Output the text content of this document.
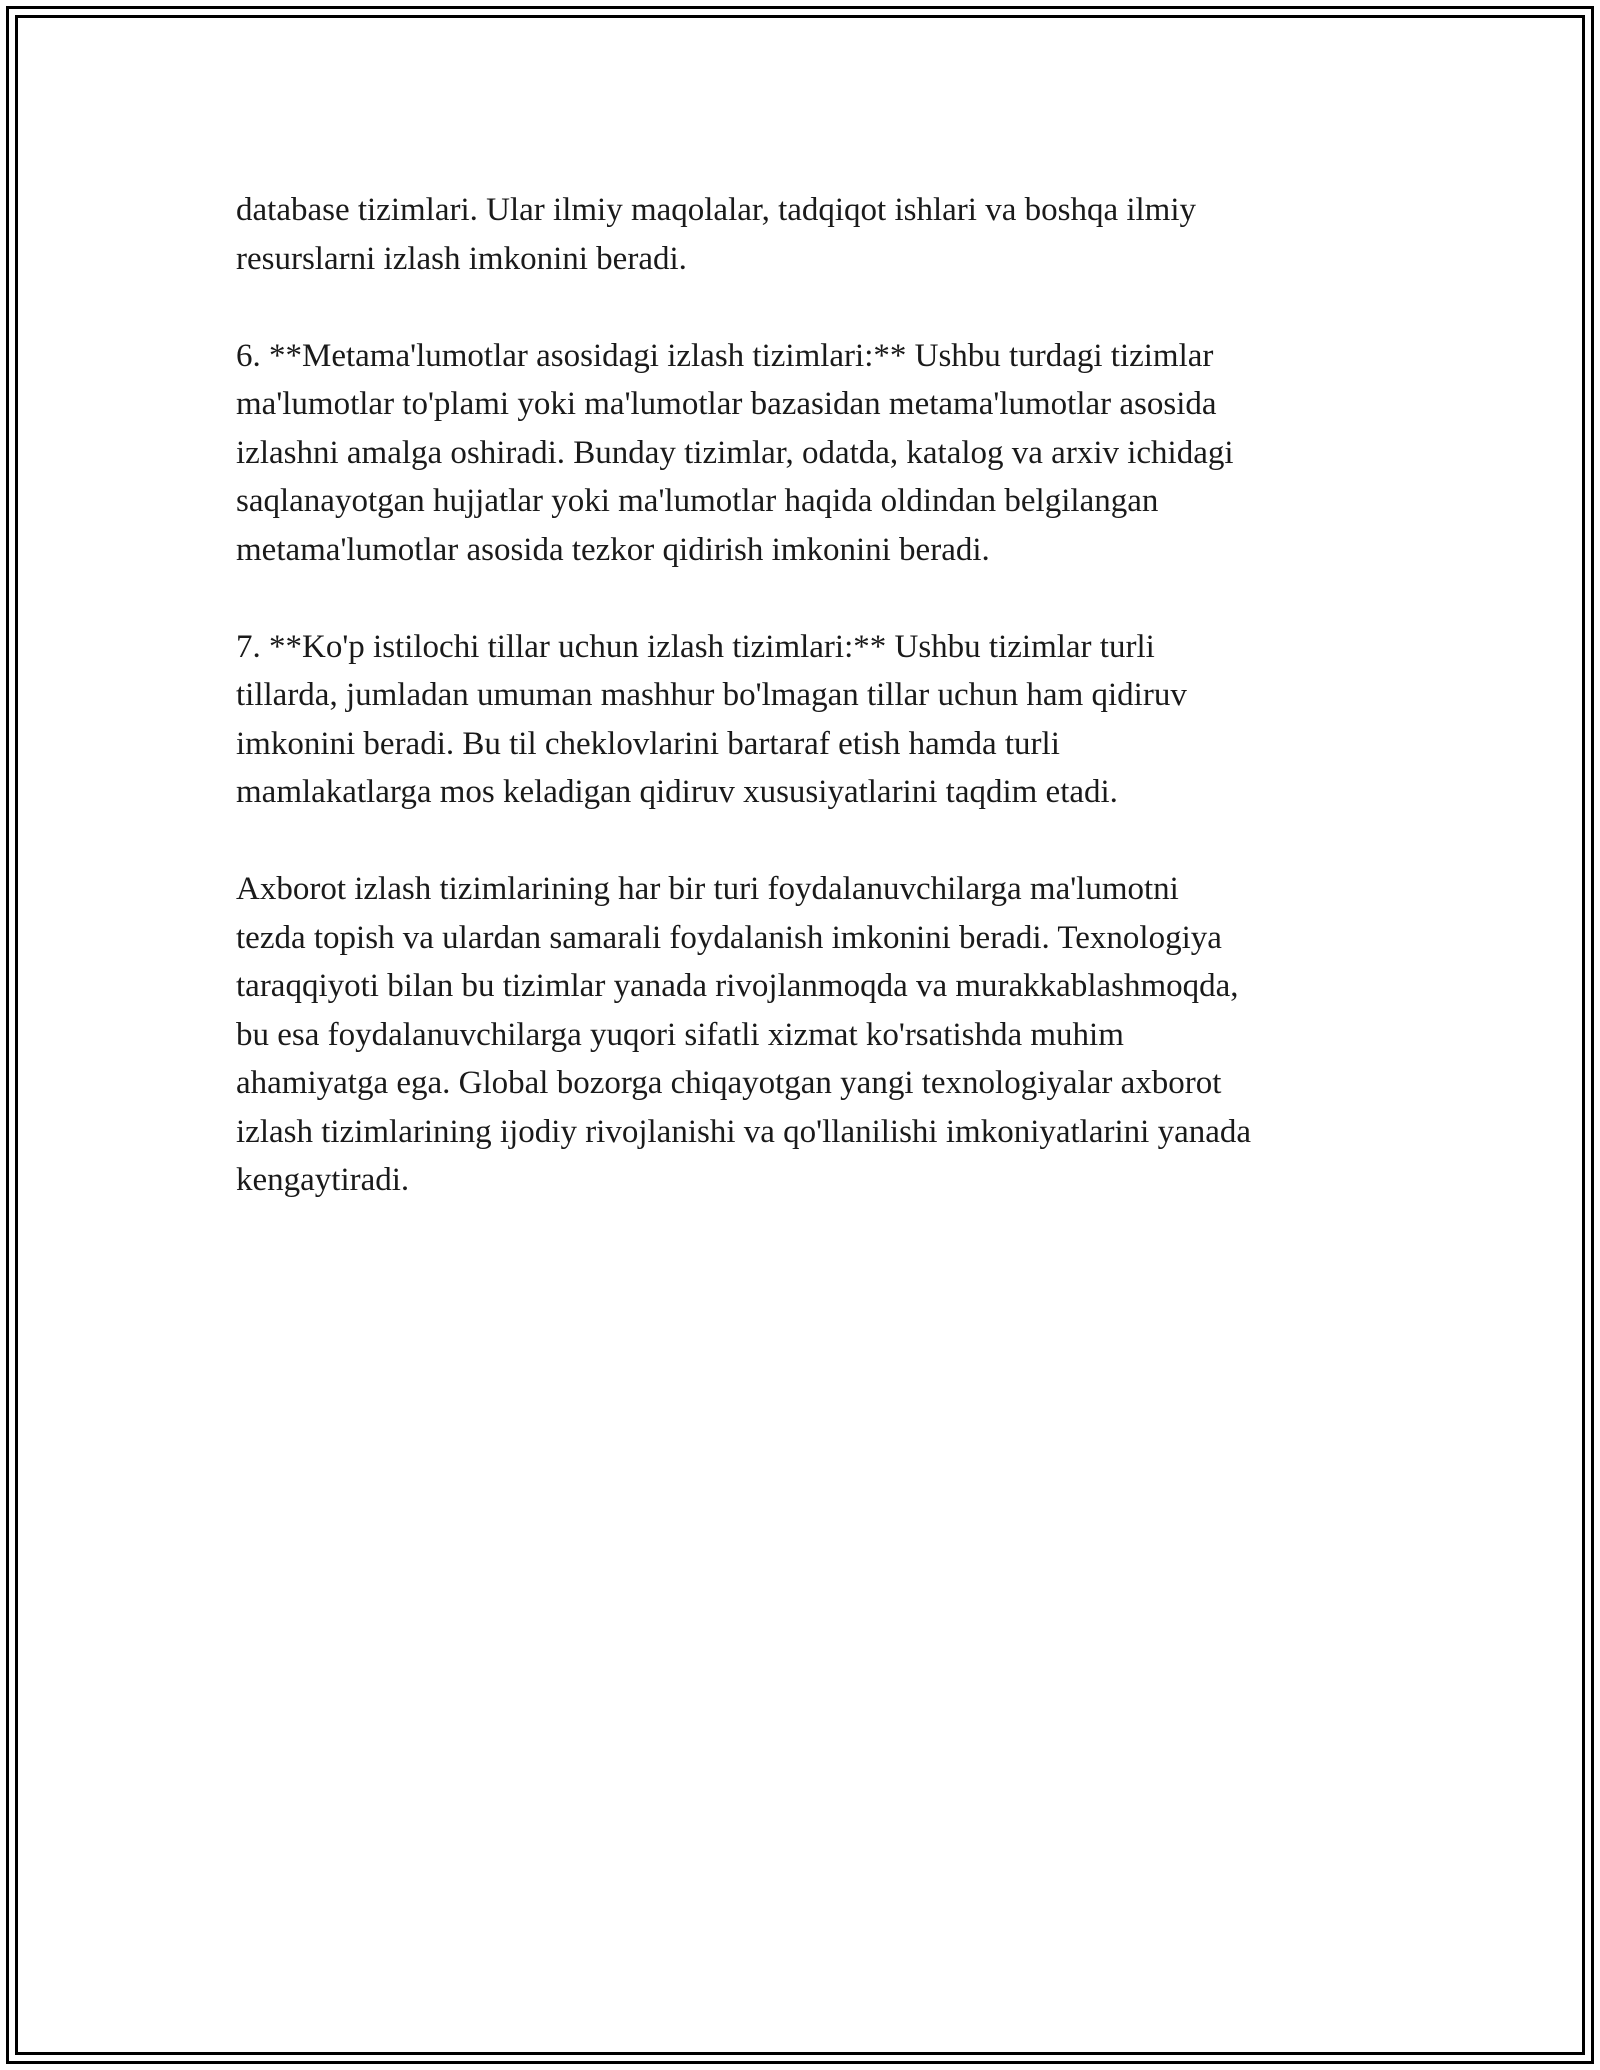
database tizimlari. Ular ilmiy maqolalar, tadqiqot ishlari va boshqa ilmiy
resurslarni izlash imkonini beradi.

6. **Metama'lumotlar asosidagi izlash tizimlari:** Ushbu turdagi tizimlar
ma'lumotlar to'plami yoki ma'lumotlar bazasidan metama'lumotlar asosida
izlashni amalga oshiradi. Bunday tizimlar, odatda, katalog va arxiv ichidagi
saqlanayotgan hujjatlar yoki ma'lumotlar haqida oldindan belgilangan
metama'lumotlar asosida tezkor qidirish imkonini beradi.

7. **Ko'p istilochi tillar uchun izlash tizimlari:** Ushbu tizimlar turli
tillarda, jumladan umuman mashhur bo'lmagan tillar uchun ham qidiruv
imkonini beradi. Bu til cheklovlarini bartaraf etish hamda turli
mamlakatlarga mos keladigan qidiruv xususiyatlarini taqdim etadi.

Axborot izlash tizimlarining har bir turi foydalanuvchilarga ma'lumotni
tezda topish va ulardan samarali foydalanish imkonini beradi. Texnologiya
taraqqiyoti bilan bu tizimlar yanada rivojlanmoqda va murakkablashmoqda,
bu esa foydalanuvchilarga yuqori sifatli xizmat ko'rsatishda muhim
ahamiyatga ega. Global bozorga chiqayotgan yangi texnologiyalar axborot
izlash tizimlarining ijodiy rivojlanishi va qo'llanilishi imkoniyatlarini yanada
kengaytiradi.
